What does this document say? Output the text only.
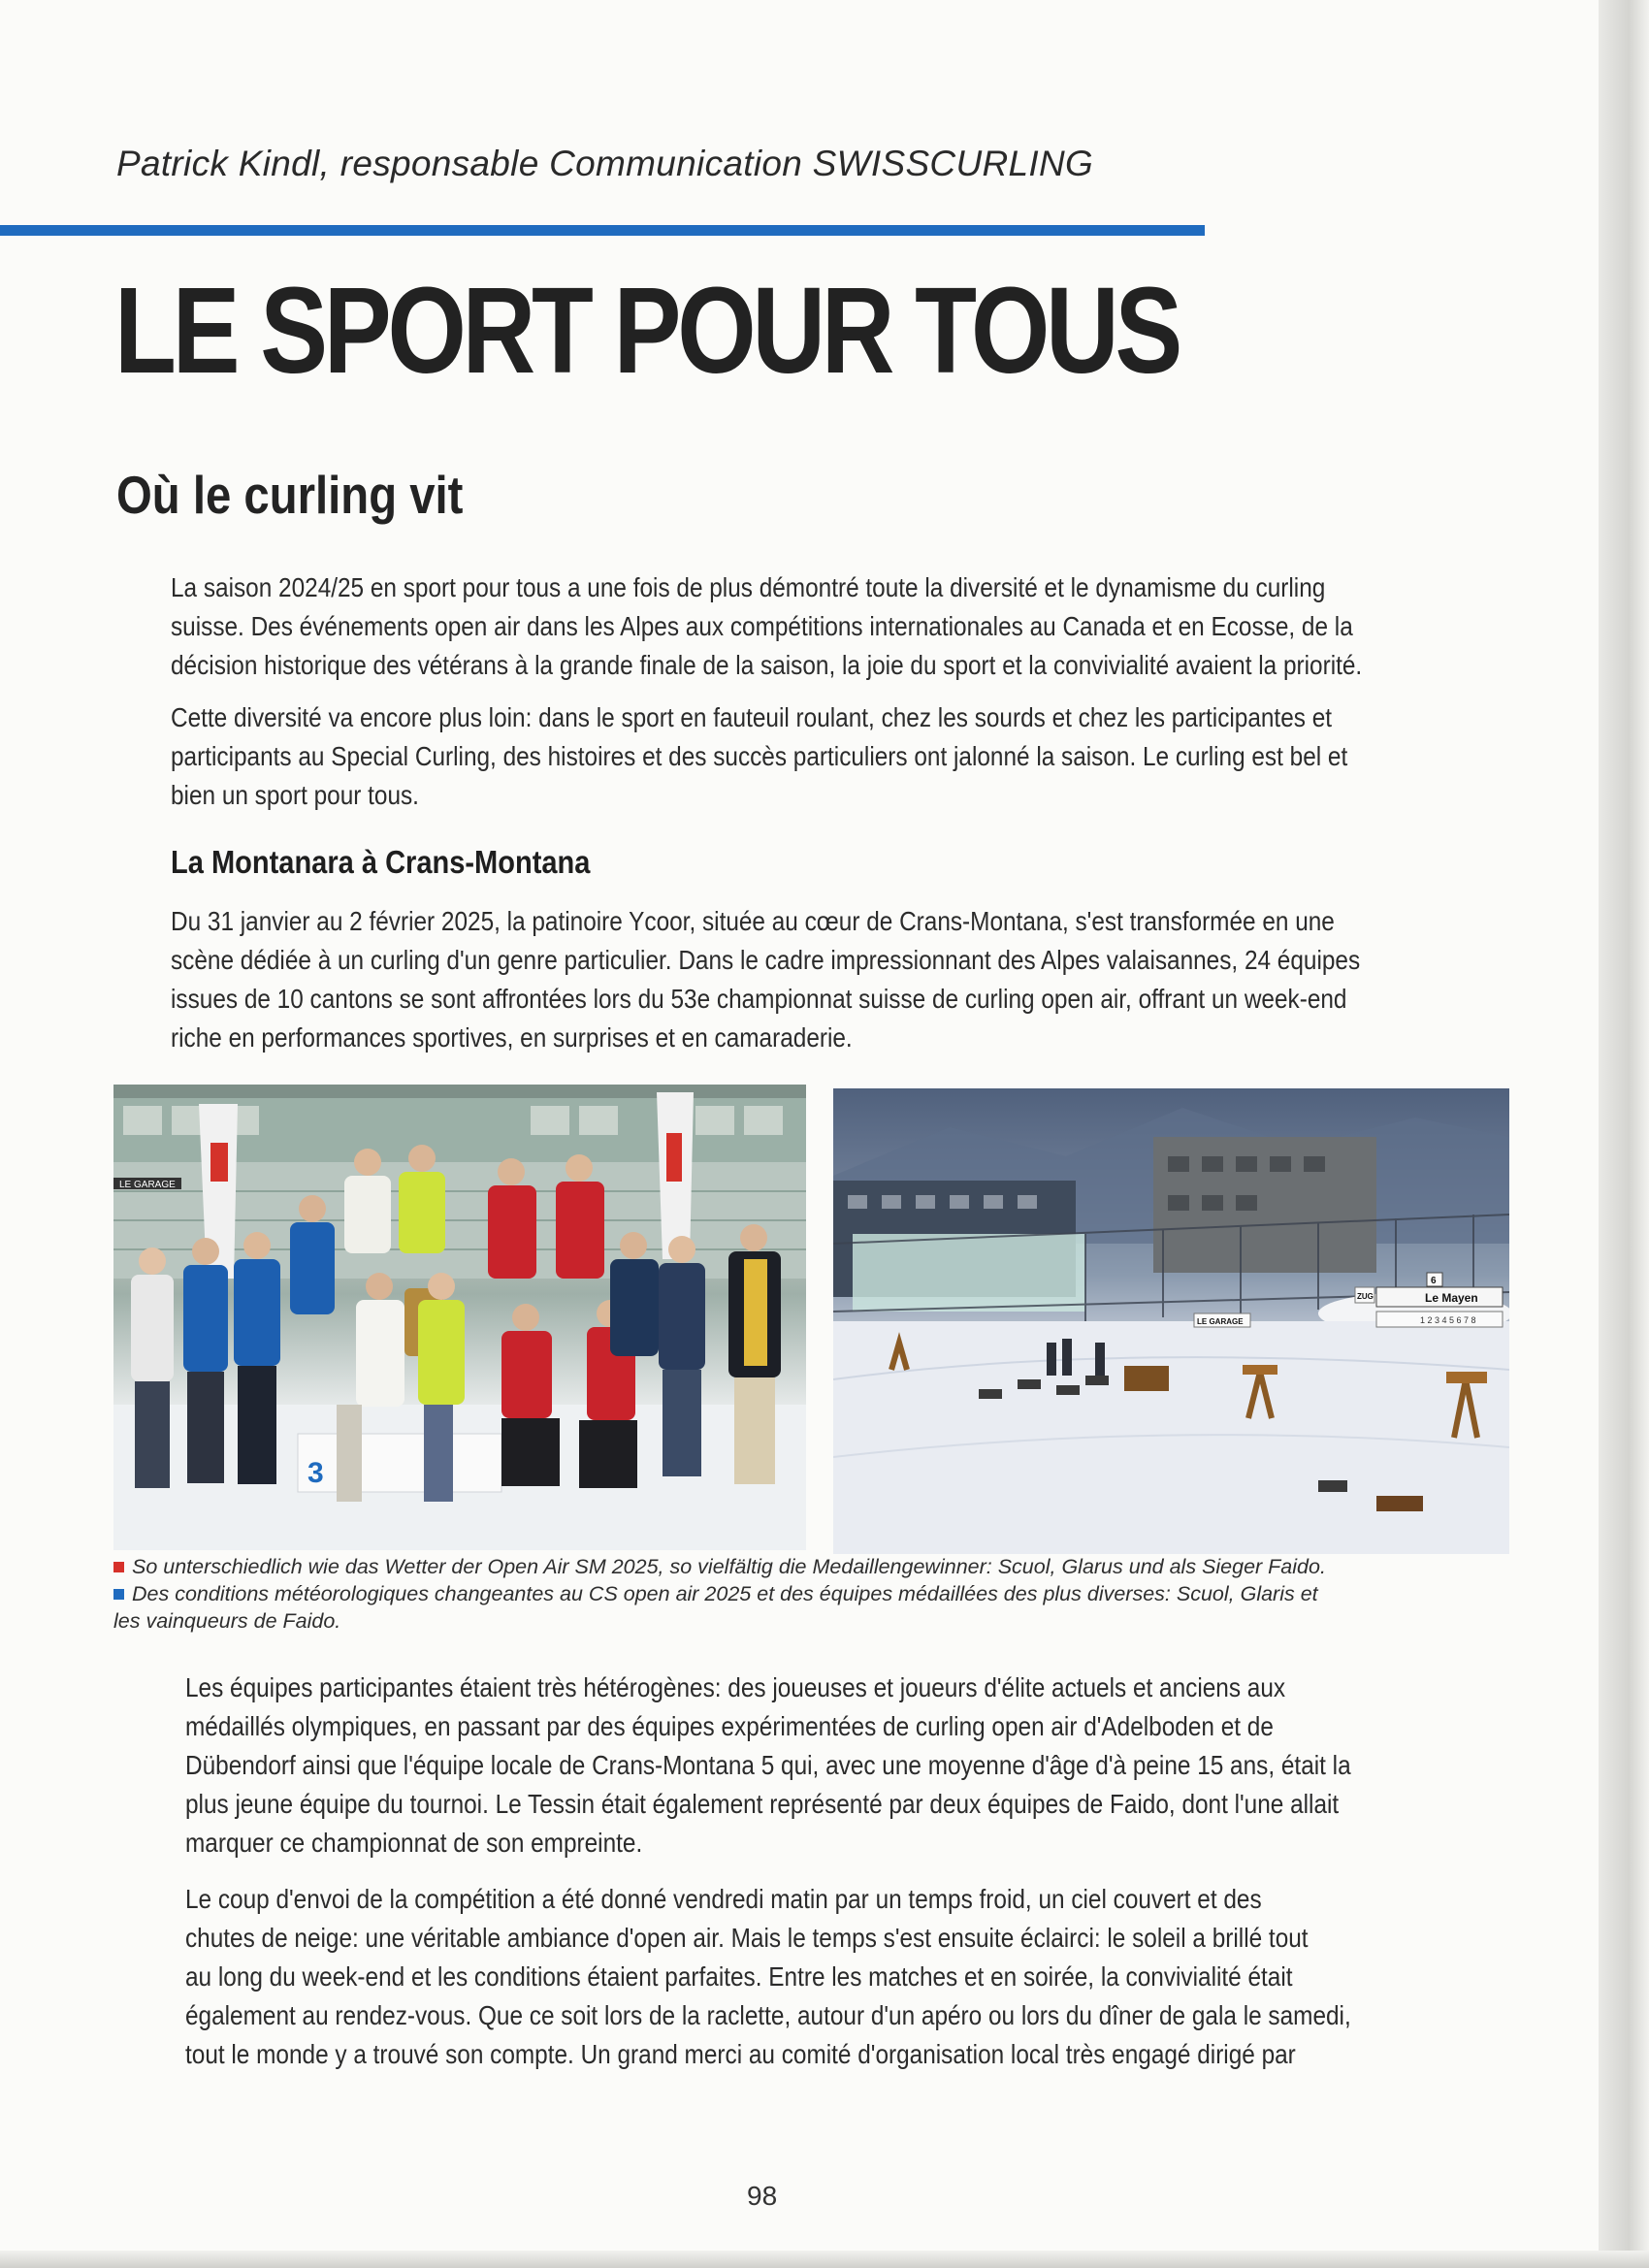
Patrick Kindl, responsable Communication SWISSCURLING
LE SPORT POUR TOUS
Où le curling vit

La saison 2024/25 en sport pour tous a une fois de plus démontré toute la diversité et le dynamisme du curling
suisse. Des événements open air dans les Alpes aux compétitions internationales au Canada et en Ecosse, de la
décision historique des vétérans à la grande finale de la saison, la joie du sport et la convivialité avaient la priorité.

Cette diversité va encore plus loin: dans le sport en fauteuil roulant, chez les sourds et chez les participantes et
participants au Special Curling, des histoires et des succès particuliers ont jalonné la saison. Le curling est bel et
bien un sport pour tous.

La Montanara à Crans-Montana

Du 31 janvier au 2 février 2025, la patinoire Ycoor, située au cœur de Crans-Montana, s'est transformée en une
scène dédiée à un curling d'un genre particulier. Dans le cadre impressionnant des Alpes valaisannes, 24 équipes
issues de 10 cantons se sont affrontées lors du 53e championnat suisse de curling open air, offrant un week-end
riche en performances sportives, en surprises et en camaraderie.

LE GARAGE
3
Le Mayen
1 2 3 4 5 6 7 8
ZUG
LE GARAGE
6

So unterschiedlich wie das Wetter der Open Air SM 2025, so vielfältig die Medaillengewinner: Scuol, Glarus und als Sieger Faido.
Des conditions météorologiques changeantes au CS open air 2025 et des équipes médaillées des plus diverses: Scuol, Glaris et
les vainqueurs de Faido.

Les équipes participantes étaient très hétérogènes: des joueuses et joueurs d'élite actuels et anciens aux
médaillés olympiques, en passant par des équipes expérimentées de curling open air d'Adelboden et de
Dübendorf ainsi que l'équipe locale de Crans-Montana 5 qui, avec une moyenne d'âge d'à peine 15 ans, était la
plus jeune équipe du tournoi. Le Tessin était également représenté par deux équipes de Faido, dont l'une allait
marquer ce championnat de son empreinte.

Le coup d'envoi de la compétition a été donné vendredi matin par un temps froid, un ciel couvert et des
chutes de neige: une véritable ambiance d'open air. Mais le temps s'est ensuite éclairci: le soleil a brillé tout
au long du week-end et les conditions étaient parfaites. Entre les matches et en soirée, la convivialité était
également au rendez-vous. Que ce soit lors de la raclette, autour d'un apéro ou lors du dîner de gala le samedi,
tout le monde y a trouvé son compte. Un grand merci au comité d'organisation local très engagé dirigé par

98
